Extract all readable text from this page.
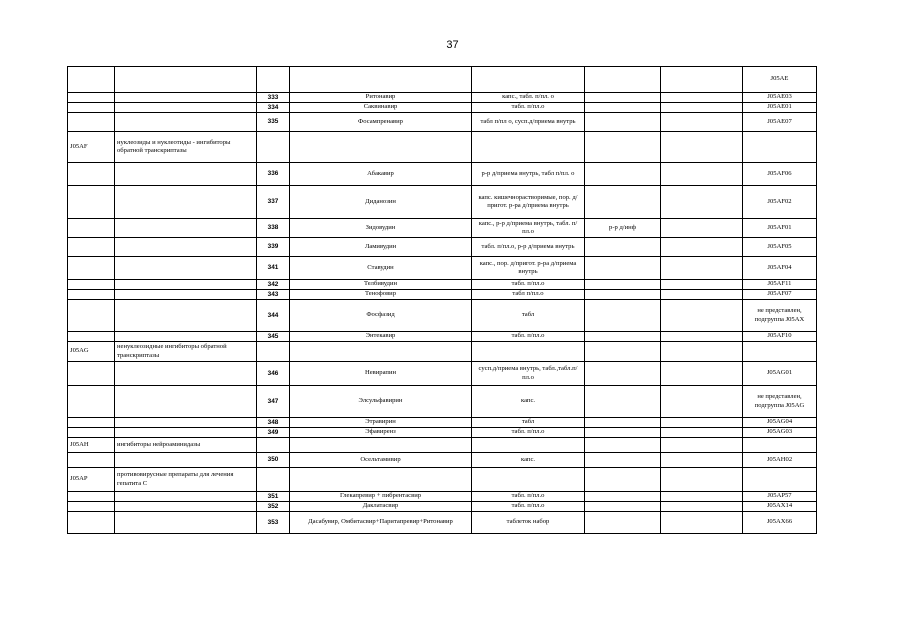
37
							J05AE
		333	Ритонавир	капс., табл. п/пл. о			J05AE03
		334	Саквинавир	табл. п/пл.о			J05AE01
		335	Фосампренавир	табл п/пл о, сусп.д/приема внутрь			J05AE07
J05AF	нуклеозиды и нуклеотиды - ингибиторы обратной транскриптазы						
		336	Абакавир	р-р д/приема внутрь, табл п/пл. о			J05AF06
		337	Диданозин	капс. кишечнорастворимые, пор. д/пригот. р-ра д/приема внутрь			J05AF02
		338	Зидовудин	капс., р-р д/приема внутрь, табл. п/пл.о	р-р д/инф		J05AF01
		339	Ламивудин	табл. п/пл.о, р-р д/приема внутрь			J05AF05
		341	Ставудин	капс., пор. д/пригот. р-ра д/приема внутрь			J05AF04
		342	Телбивудин	табл. п/пл.о			J05AF11
		343	Тенофовир	табл п/пл.о			J05AF07
		344	Фосфазид	табл			не представлен, подгруппа J05AX
		345	Энтекавир	табл. п/пл.о			J05AF10
J05AG	ненуклеозидные ингибиторы обратной транскриптазы						
		346	Невирапин	сусп.д/приема внутрь, табл.,табл.п/пл.о			J05AG01
		347	Элсульфавирин	капс.			не представлен, подгруппа J05AG
		348	Этравирин	табл			J05AG04
		349	Эфавиренз	табл. п/пл.о			J05AG03
J05AH	ингибиторы нейроаминидазы						
		350	Осельтамивир	капс.			J05AH02
J05AP	противовирусные препараты для лечения гепатита С						
		351	Глекапревир + пибрентасвир	табл. п/пл.о			J05AP57
		352	Даклатасвир	табл. п/пл.о			J05AX14
		353	Дасабувир, Омбитасвир+Паритапревир+Ритонавир	таблеток набор			J05AX66
